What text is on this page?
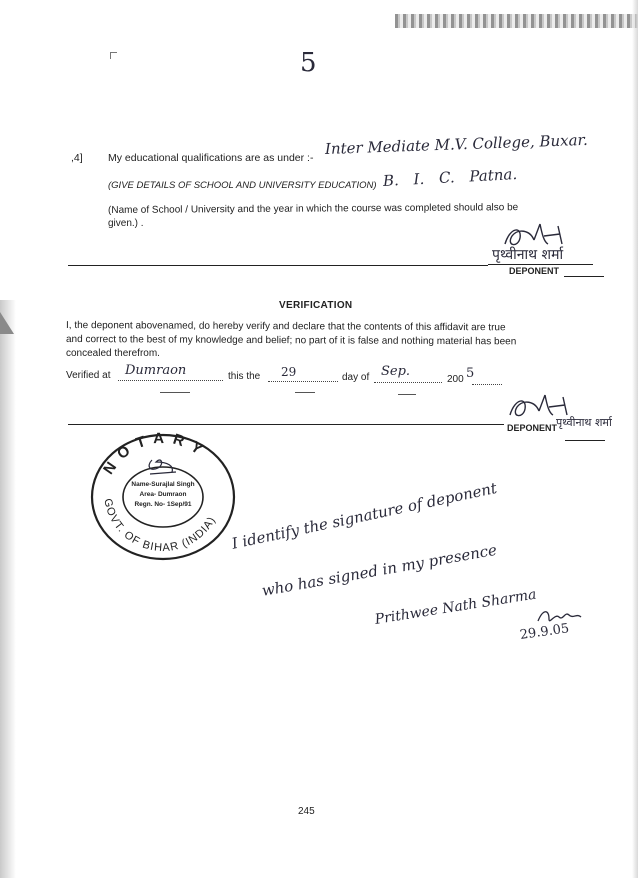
5
,4] My educational qualifications are as under :-
Inter Mediate M.V. College, Buxar.
(GIVE DETAILS OF SCHOOL AND UNIVERSITY EDUCATION) B. I. C. Patna.
(Name of School / University and the year in which the course was completed should also be
given.) .
पृथ्वीनाथ शर्मा
DEPONENT
VERIFICATION
I, the deponent abovenamed, do hereby verify and declare that the contents of this affidavit are true
and correct to the best of my knowledge and belief; no part of it is false and nothing material has been
concealed therefrom.
Verified at Dumraon	this the 29	day of Sep.
200 5
पृथ्वीनाथ शर्मा
DEPONENT
NOTARY
GOVT. OF BIHAR (INDIA)
Name-Surajlal Singh
Area- Dumraon
Regn. No- 1Sep/91	I identify the signature of deponent
who has signed in my presence
Prithwee Nath Sharma
29.9.05
245
